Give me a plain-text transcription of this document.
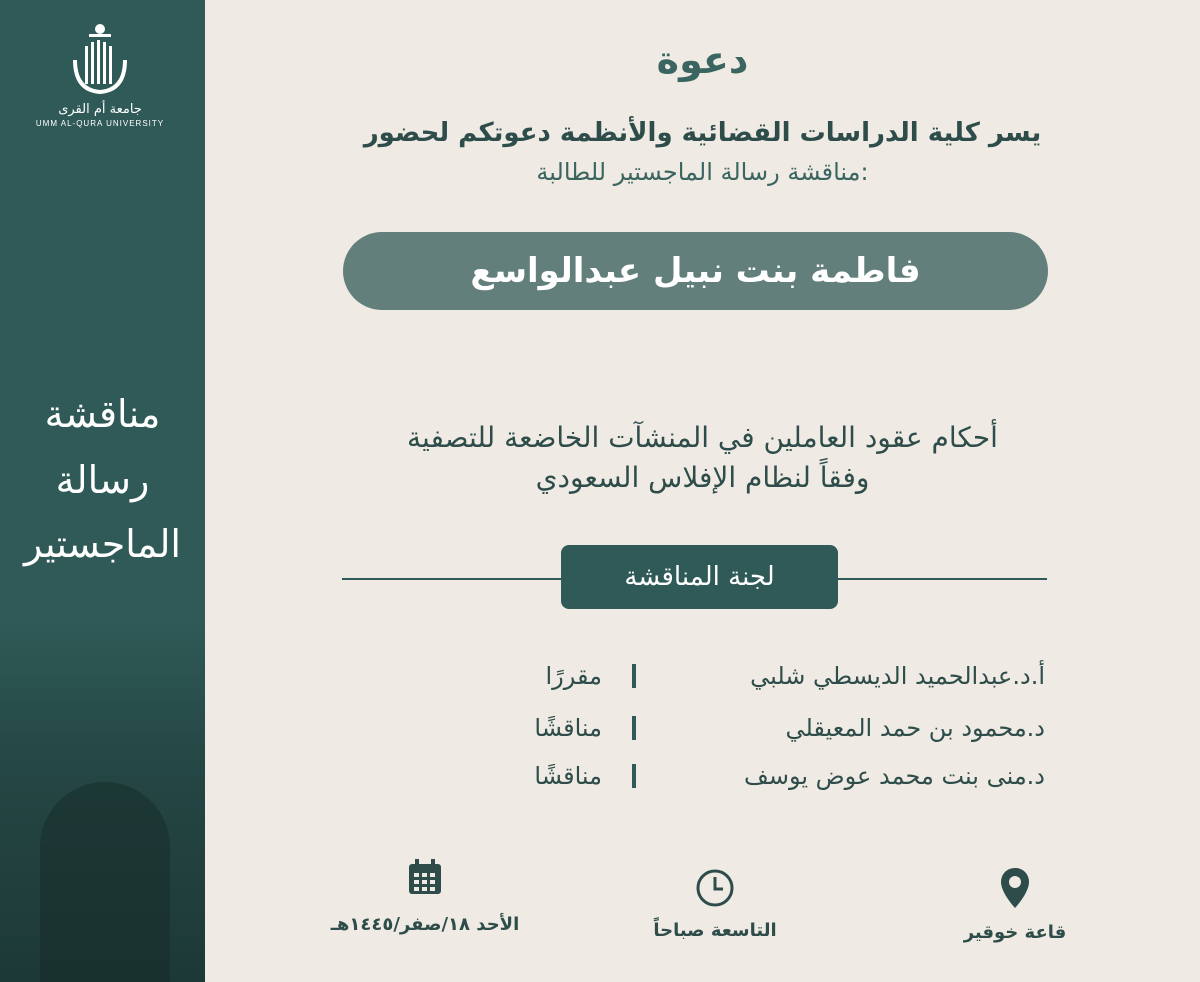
جامعة أم القرى
UMM AL-QURA UNIVERSITY
مناقشة
رسالة
الماجستير
دعوة
يسر كلية الدراسات القضائية والأنظمة دعوتكم لحضور
مناقشة رسالة الماجستير للطالبة:
فاطمة بنت نبيل عبدالواسع
أحكام عقود العاملين في المنشآت الخاضعة للتصفية
وفقاً لنظام الإفلاس السعودي
لجنة المناقشة
أ.د.عبدالحميد الديسطي شلبي
مقررًا
د.محمود بن حمد المعيقلي
مناقشًا
د.منى بنت محمد عوض يوسف
مناقشًا
الأحد ١٨/صفر/١٤٤٥هـ	التاسعة صباحاً	قاعة خوقير
